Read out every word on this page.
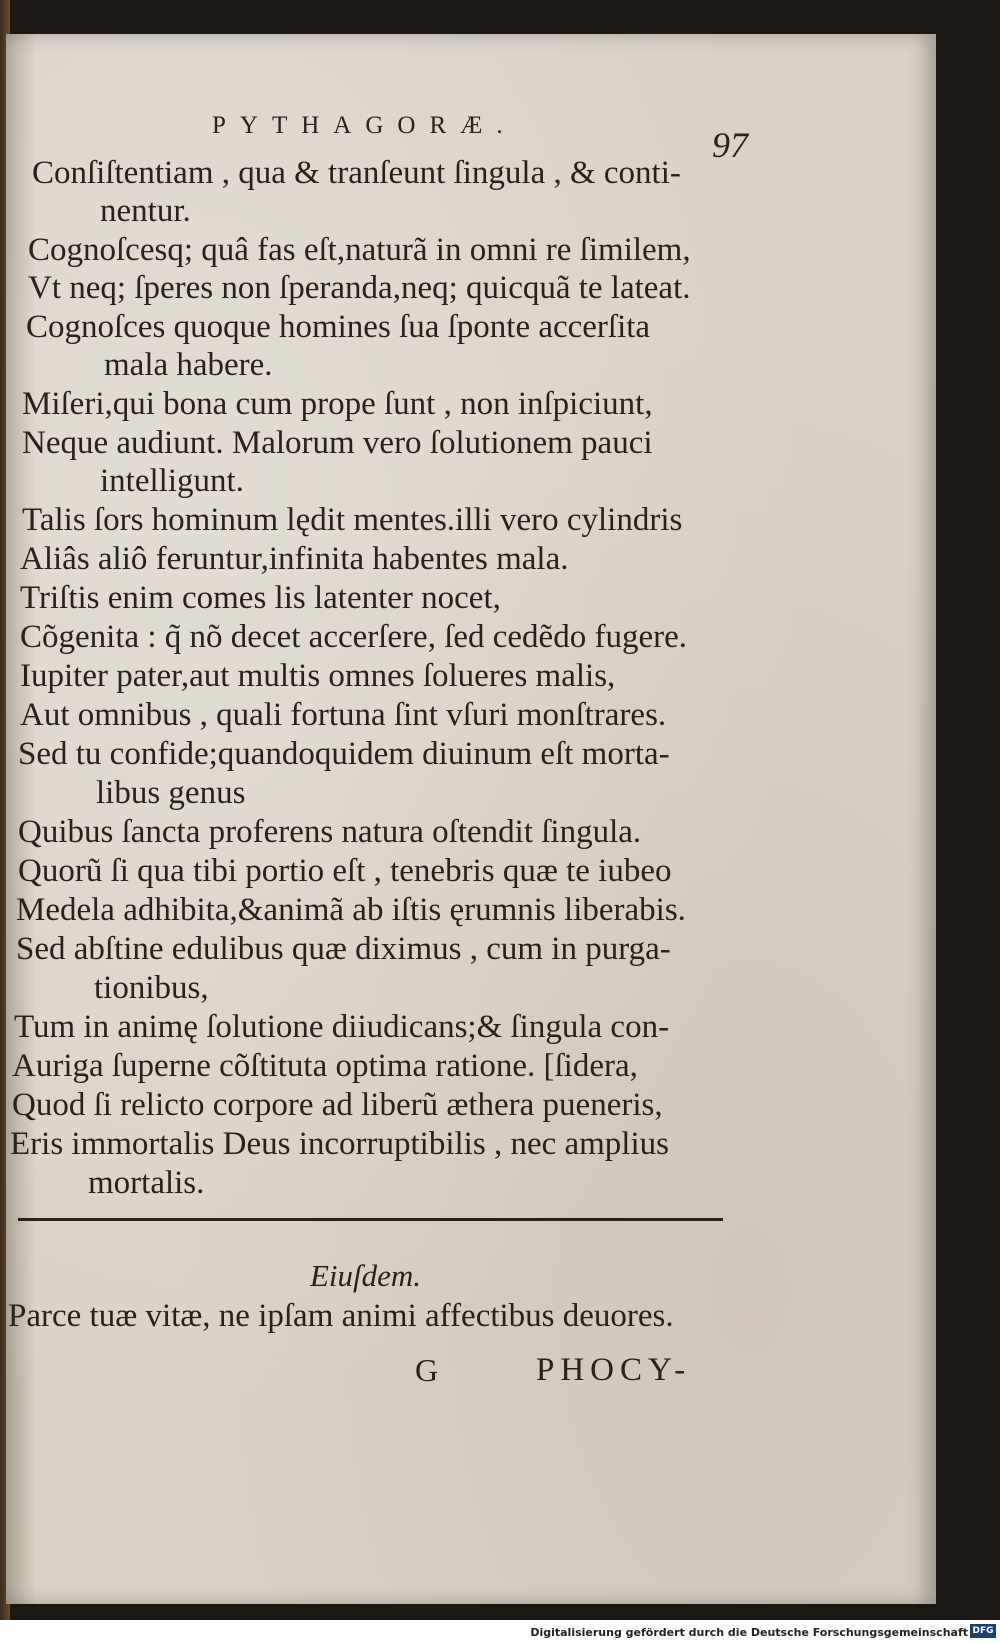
PYTHAGORÆ.	97
Conſiſtentiam , qua & tranſeunt ſingula , & conti-
nentur.
Cognoſcesq; quâ fas eſt,naturã in omni re ſimilem,
Vt neq; ſperes non ſperanda,neq; quicquã te lateat.
Cognoſces quoque homines ſua ſponte accerſita
mala habere.
Miſeri,qui bona cum prope ſunt , non inſpiciunt,
Neque audiunt. Malorum vero ſolutionem pauci
intelligunt.
Talis ſors hominum lędit mentes.illi vero cylindris
Aliâs aliô feruntur,infinita habentes mala.
Triſtis enim comes lis latenter nocet,
Cõgenita : q̃ nõ decet accerſere, ſed cedẽdo fugere.
Iupiter pater,aut multis omnes ſolueres malis,
Aut omnibus , quali fortuna ſint vſuri monſtrares.
Sed tu confide;quandoquidem diuinum eſt morta-
libus genus
Quibus ſancta proferens natura oſtendit ſingula.
Quorũ ſi qua tibi portio eſt , tenebris quæ te iubeo
Medela adhibita,&animã ab iſtis ęrumnis liberabis.
Sed abſtine edulibus quæ diximus , cum in purga-
tionibus,
Tum in animę ſolutione diiudicans;& ſingula con-
Auriga ſuperne cõſtituta optima ratione. [ſidera,
Quod ſi relicto corpore ad liberũ æthera pueneris,
Eris immortalis Deus incorruptibilis , nec amplius
mortalis.
Eiuſdem.
Parce tuæ vitæ, ne ipſam animi affectibus deuores.
G	PHOCY-
Digitalisierung gefördert durch die Deutsche Forschungsgemeinschaft DFG
